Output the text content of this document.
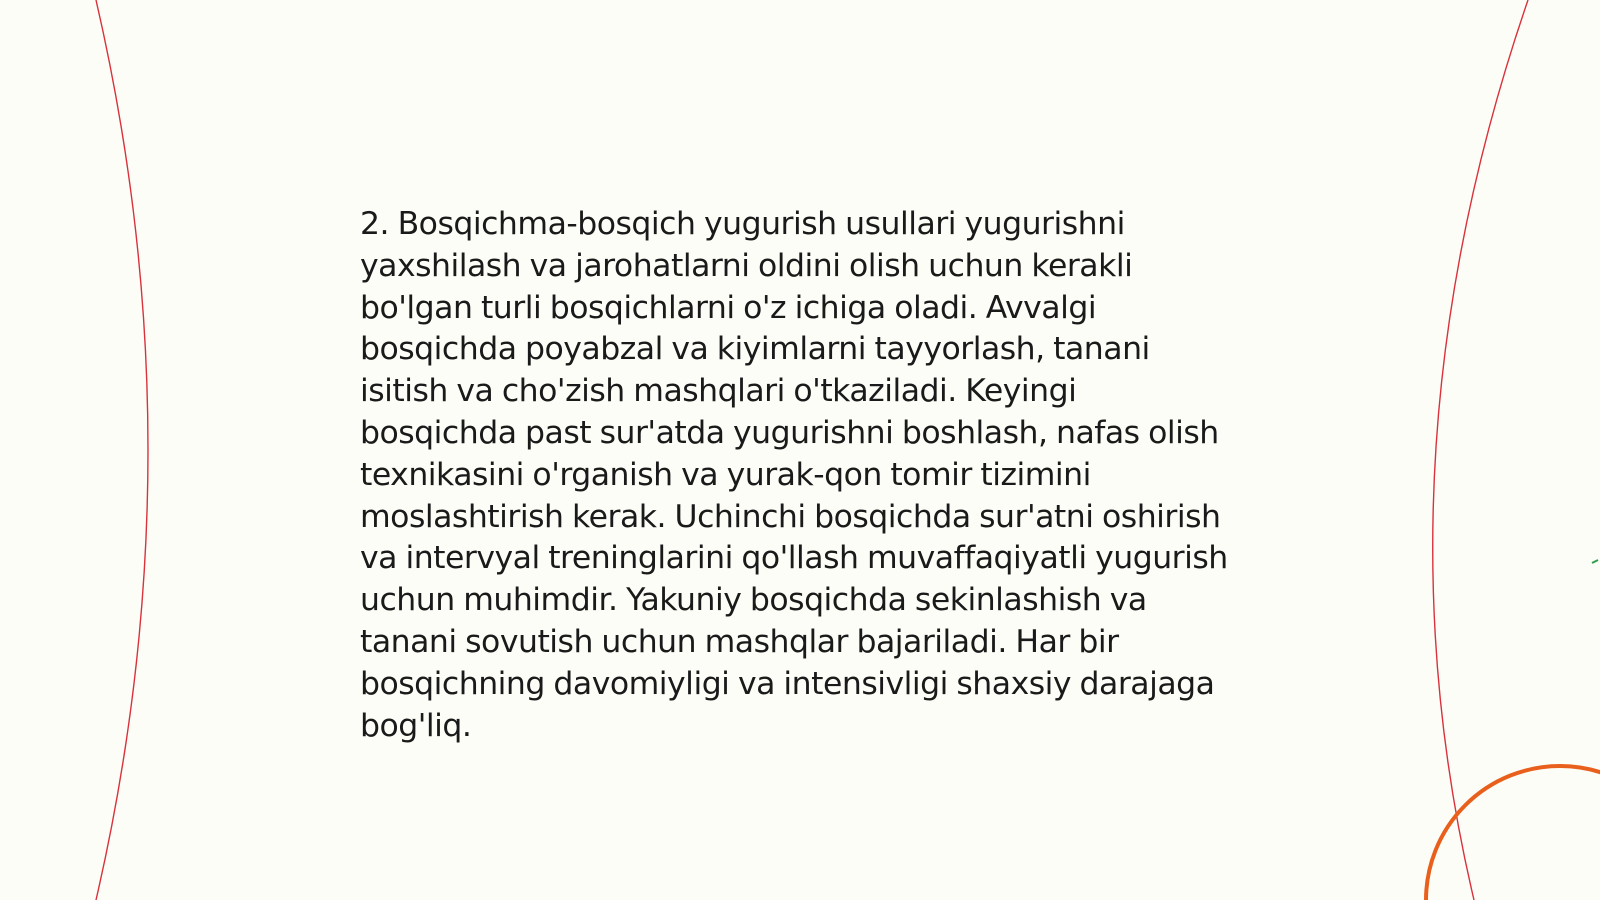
2. Bosqichma-bosqich yugurish usullari yugurishni yaxshilash va jarohatlarni oldini olish uchun kerakli bo'lgan turli bosqichlarni o'z ichiga oladi. Avvalgi bosqichda poyabzal va kiyimlarni tayyorlash, tanani isitish va cho'zish mashqlari o'tkaziladi. Keyingi bosqichda past sur'atda yugurishni boshlash, nafas olish texnikasini o'rganish va yurak-qon tomir tizimini moslashtirish kerak. Uchinchi bosqichda sur'atni oshirish va intervyal treninglarini qo'llash muvaffaqiyatli yugurish uchun muhimdir. Yakuniy bosqichda sekinlashish va tanani sovutish uchun mashqlar bajariladi. Har bir bosqichning davomiyligi va intensivligi shaxsiy darajaga bog'liq.
